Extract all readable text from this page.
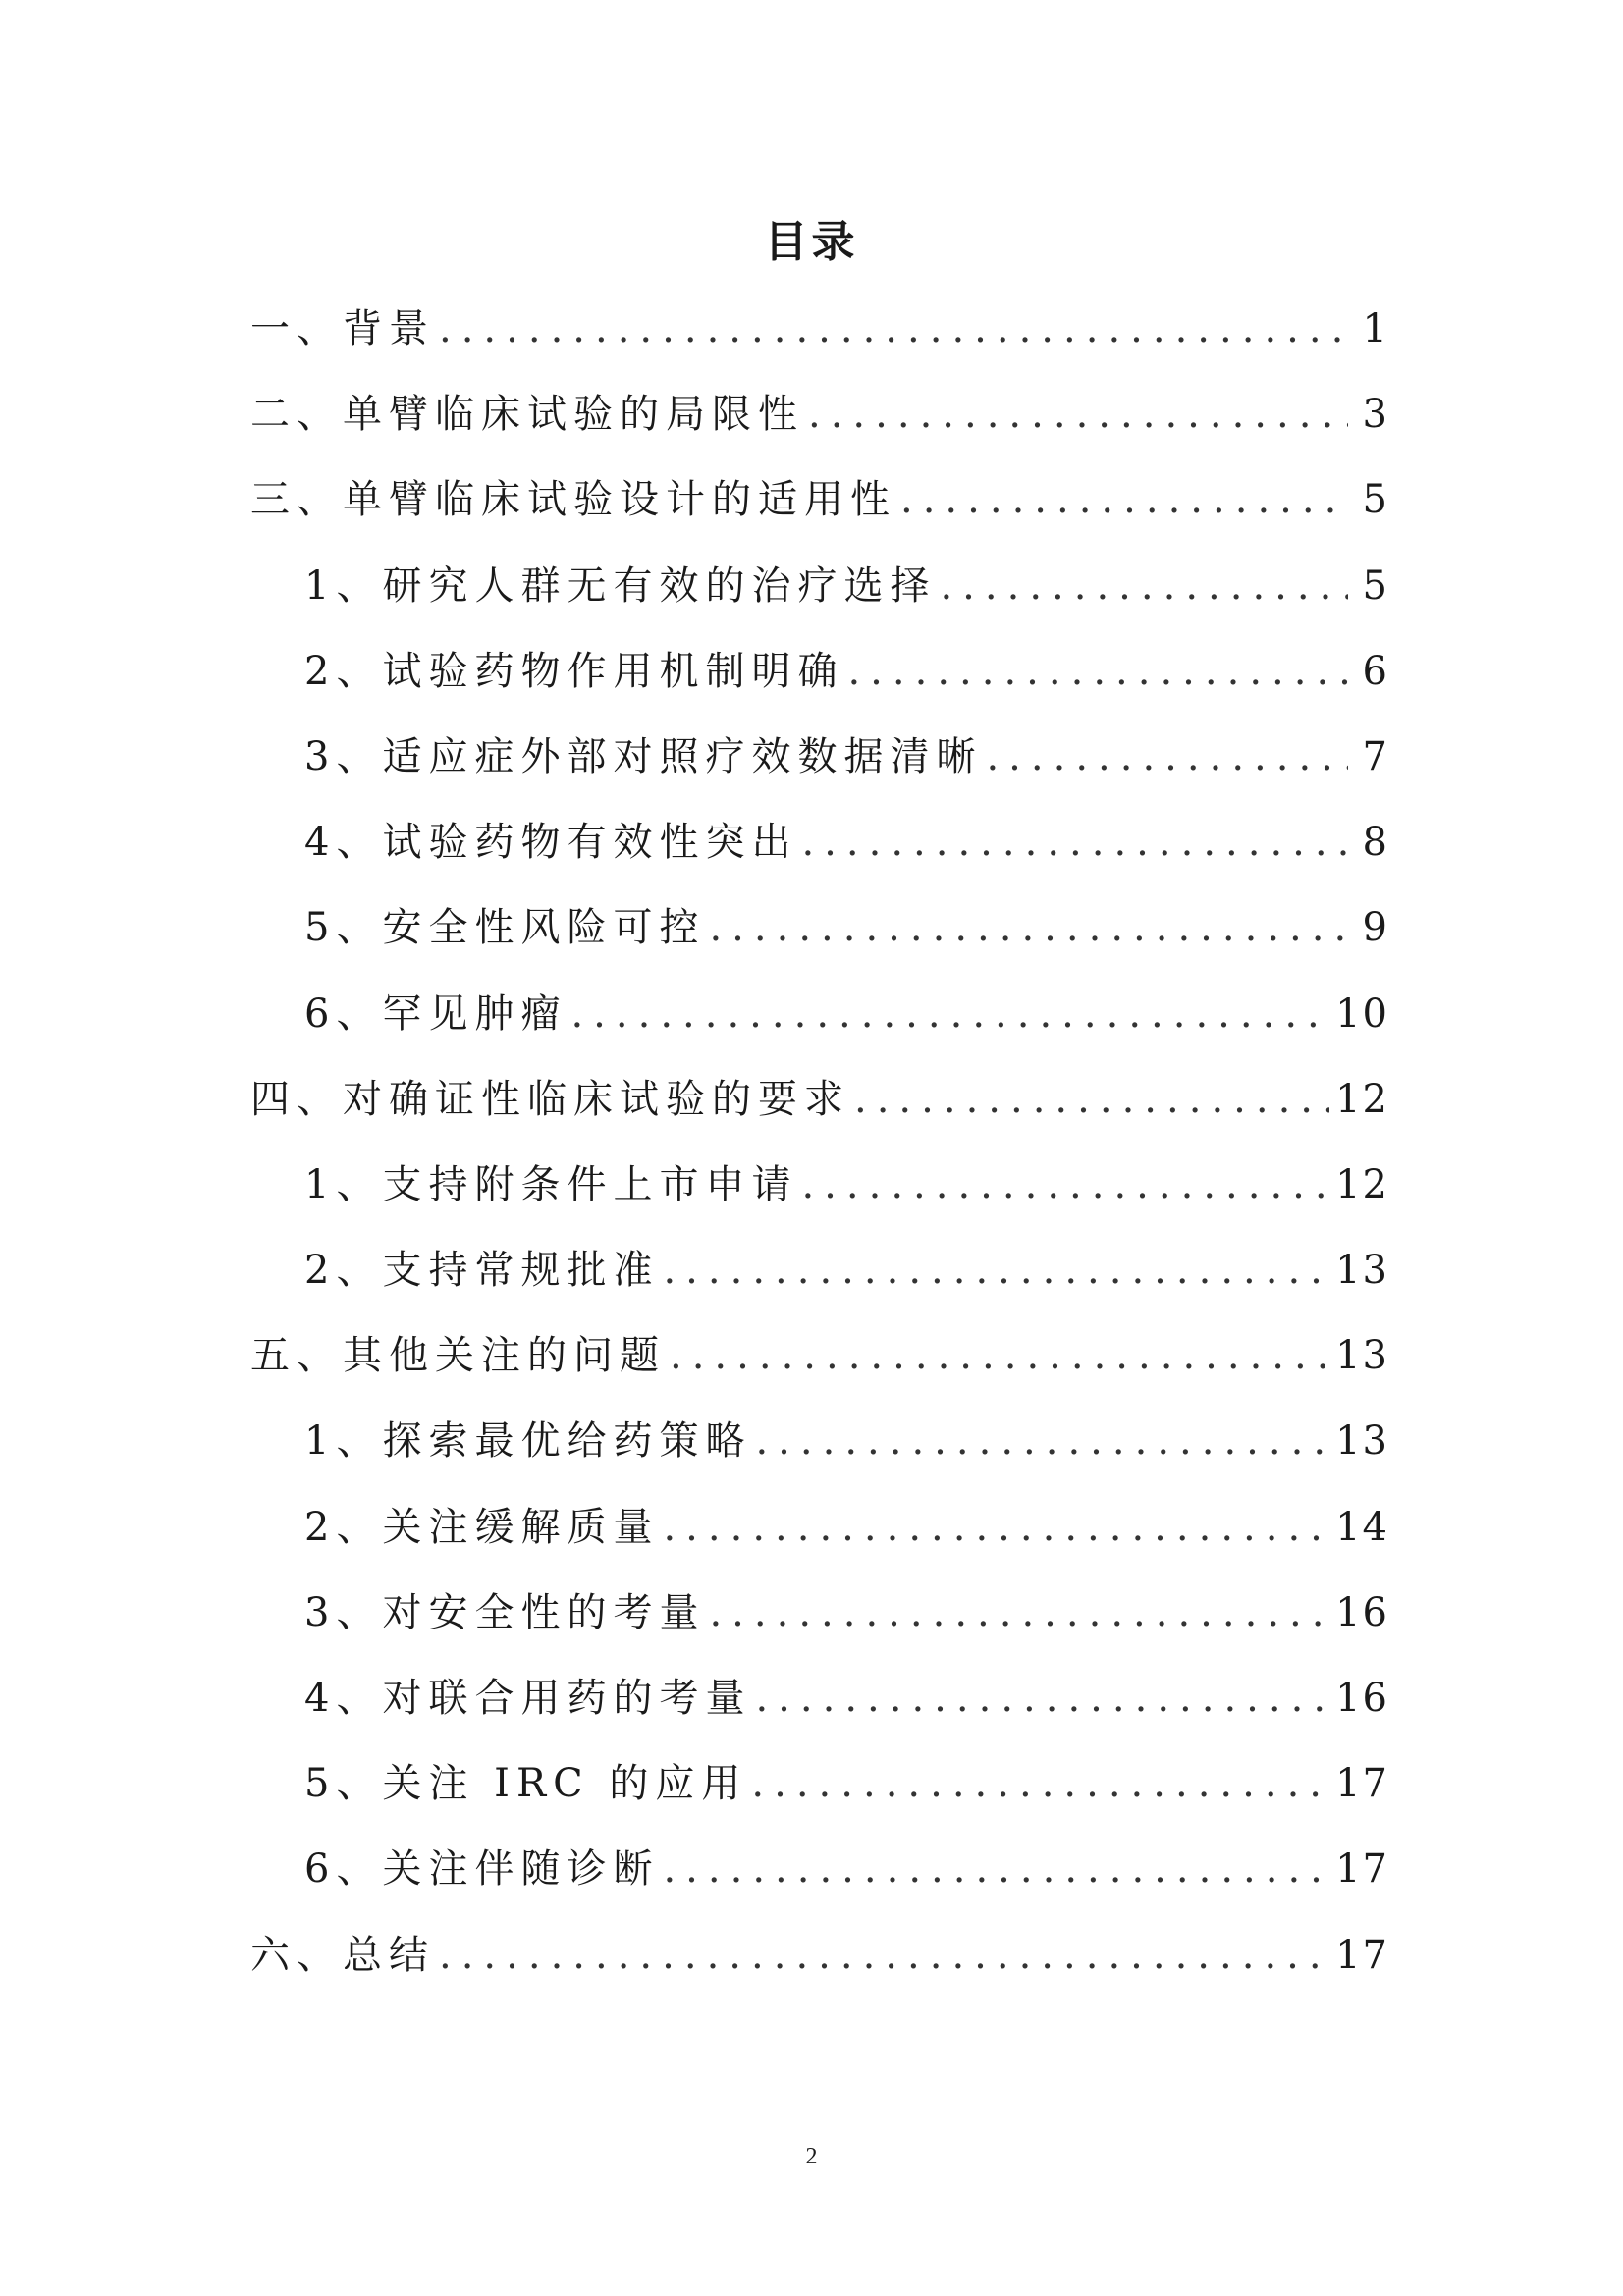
目录
一、背景 .....	1
二、单臂临床试验的局限性 .....	3
三、单臂临床试验设计的适用性 .....	5
1、研究人群无有效的治疗选择 .....	5
2、试验药物作用机制明确 .....	6
3、适应症外部对照疗效数据清晰 .....	7
4、试验药物有效性突出 .....	8
5、安全性风险可控 .....	9
6、罕见肿瘤 .....	10
四、对确证性临床试验的要求 .....	12
1、支持附条件上市申请 .....	12
2、支持常规批准 .....	13
五、其他关注的问题 .....	13
1、探索最优给药策略 .....	13
2、关注缓解质量 .....	14
3、对安全性的考量 .....	16
4、对联合用药的考量 .....	16
5、关注 IRC 的应用 .....	17
6、关注伴随诊断 .....	17
六、总结 .....	17
2
